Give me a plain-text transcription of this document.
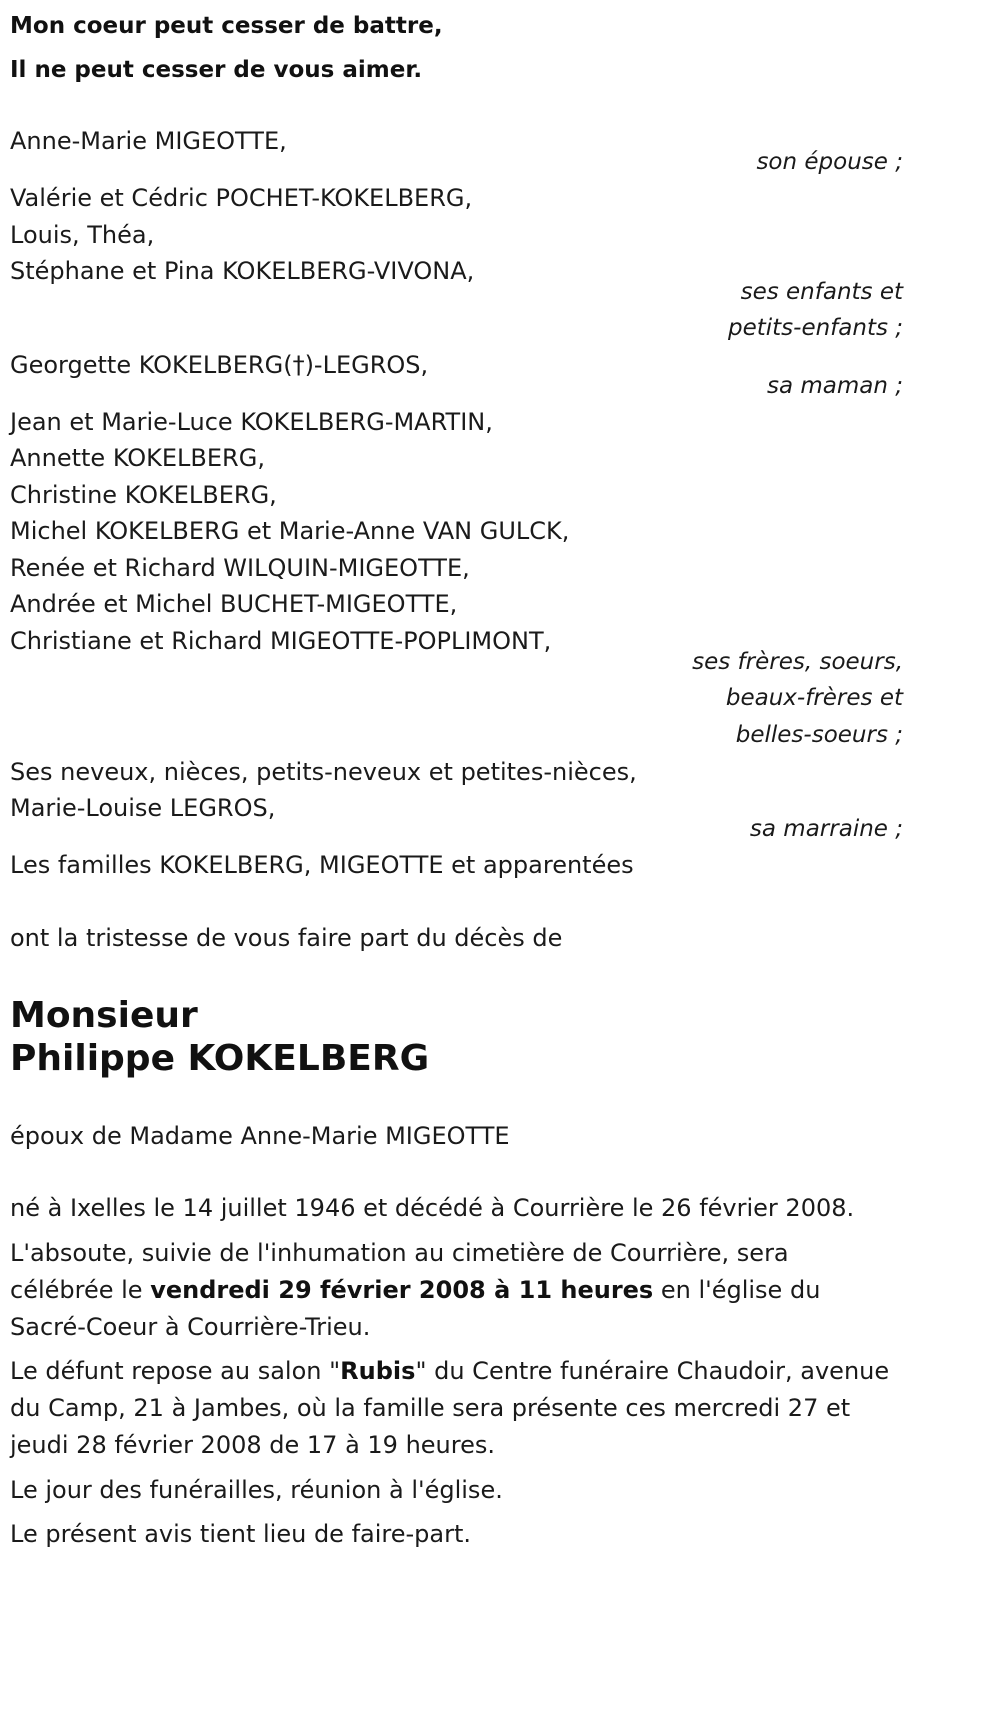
Mon coeur peut cesser de battre,
Il ne peut cesser de vous aimer.
Anne-Marie MIGEOTTE,
son épouse ;
Valérie et Cédric POCHET-KOKELBERG,
Louis, Théa,
Stéphane et Pina KOKELBERG-VIVONA,
ses enfants et
petits-enfants ;
Georgette KOKELBERG(†)-LEGROS,
sa maman ;
Jean et Marie-Luce KOKELBERG-MARTIN,
Annette KOKELBERG,
Christine KOKELBERG,
Michel KOKELBERG et Marie-Anne VAN GULCK,
Renée et Richard WILQUIN-MIGEOTTE,
Andrée et Michel BUCHET-MIGEOTTE,
Christiane et Richard MIGEOTTE-POPLIMONT,
ses frères, soeurs,
beaux-frères et
belles-soeurs ;
Ses neveux, nièces, petits-neveux et petites-nièces,
Marie-Louise LEGROS,
sa marraine ;
Les familles KOKELBERG, MIGEOTTE et apparentées
ont la tristesse de vous faire part du décès de
Monsieur
Philippe KOKELBERG
époux de Madame Anne-Marie MIGEOTTE
né à Ixelles le 14 juillet 1946 et décédé à Courrière le 26 février 2008.
L'absoute, suivie de l'inhumation au cimetière de Courrière, sera
célébrée le vendredi 29 février 2008 à 11 heures en l'église du
Sacré-Coeur à Courrière-Trieu.
Le défunt repose au salon "Rubis" du Centre funéraire Chaudoir, avenue
du Camp, 21 à Jambes, où la famille sera présente ces mercredi 27 et
jeudi 28 février 2008 de 17 à 19 heures.
Le jour des funérailles, réunion à l'église.
Le présent avis tient lieu de faire-part.
